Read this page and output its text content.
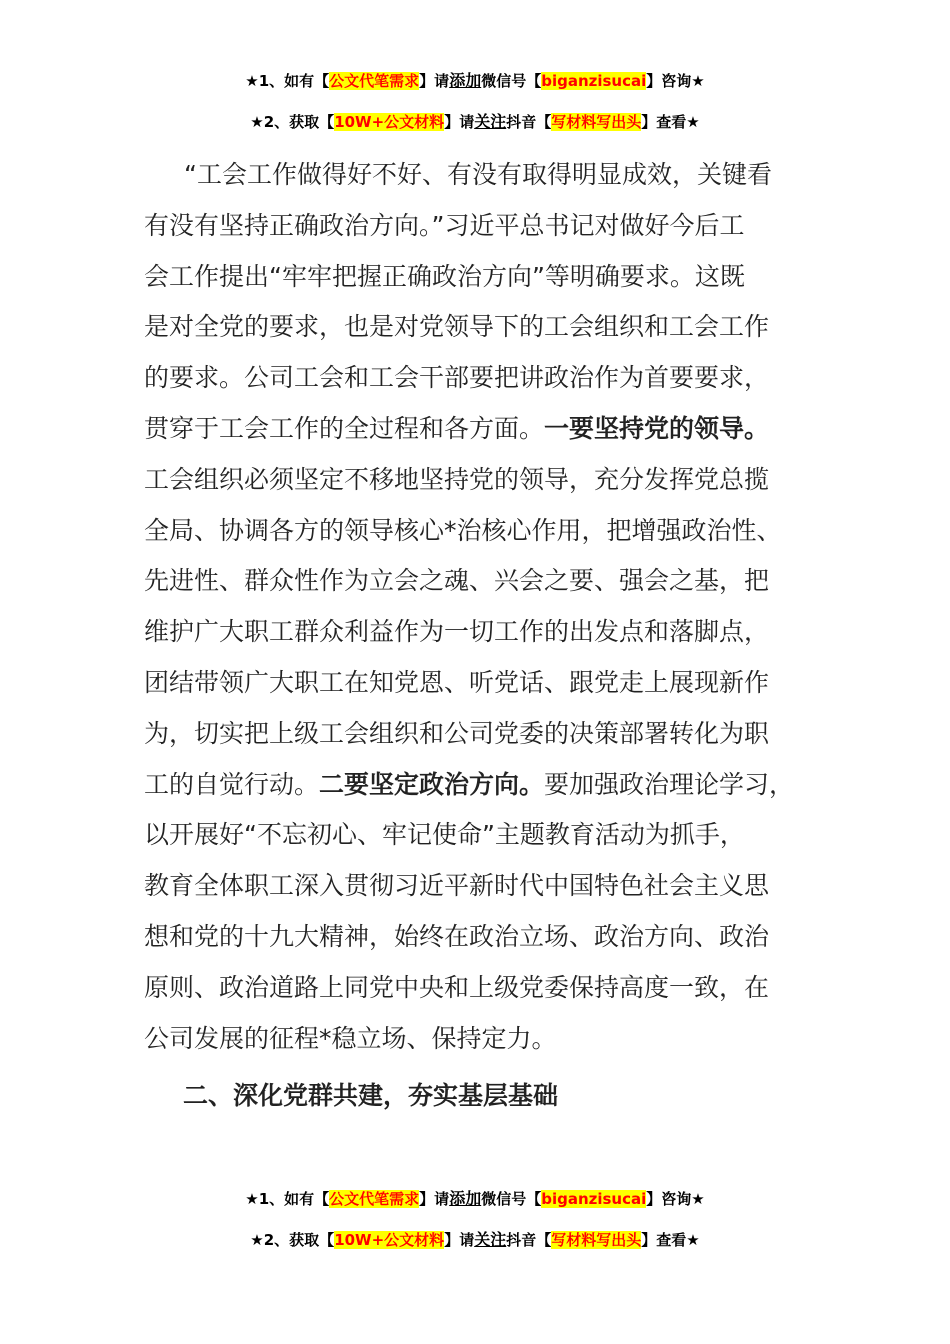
★1、如有【公文代笔需求】请添加微信号【biganzisucai】咨询★
★2、获取【10W+公文材料】请关注抖音【写材料写出头】查看★
“工会工作做得好不好、有没有取得明显成效，关键看
有没有坚持正确政治方向。”习近平总书记对做好今后工
会工作提出“牢牢把握正确政治方向”等明确要求。这既
是对全党的要求，也是对党领导下的工会组织和工会工作
的要求。公司工会和工会干部要把讲政治作为首要要求，
贯穿于工会工作的全过程和各方面。一要坚持党的领导。
工会组织必须坚定不移地坚持党的领导，充分发挥党总揽
全局、协调各方的领导核心*治核心作用，把增强政治性、
先进性、群众性作为立会之魂、兴会之要、强会之基，把
维护广大职工群众利益作为一切工作的出发点和落脚点，
团结带领广大职工在知党恩、听党话、跟党走上展现新作
为，切实把上级工会组织和公司党委的决策部署转化为职
工的自觉行动。二要坚定政治方向。要加强政治理论学习，
以开展好“不忘初心、牢记使命”主题教育活动为抓手，
教育全体职工深入贯彻习近平新时代中国特色社会主义思
想和党的十九大精神，始终在政治立场、政治方向、政治
原则、政治道路上同党中央和上级党委保持高度一致，在
公司发展的征程*稳立场、保持定力。
二、深化党群共建，夯实基层基础
★1、如有【公文代笔需求】请添加微信号【biganzisucai】咨询★
★2、获取【10W+公文材料】请关注抖音【写材料写出头】查看★
